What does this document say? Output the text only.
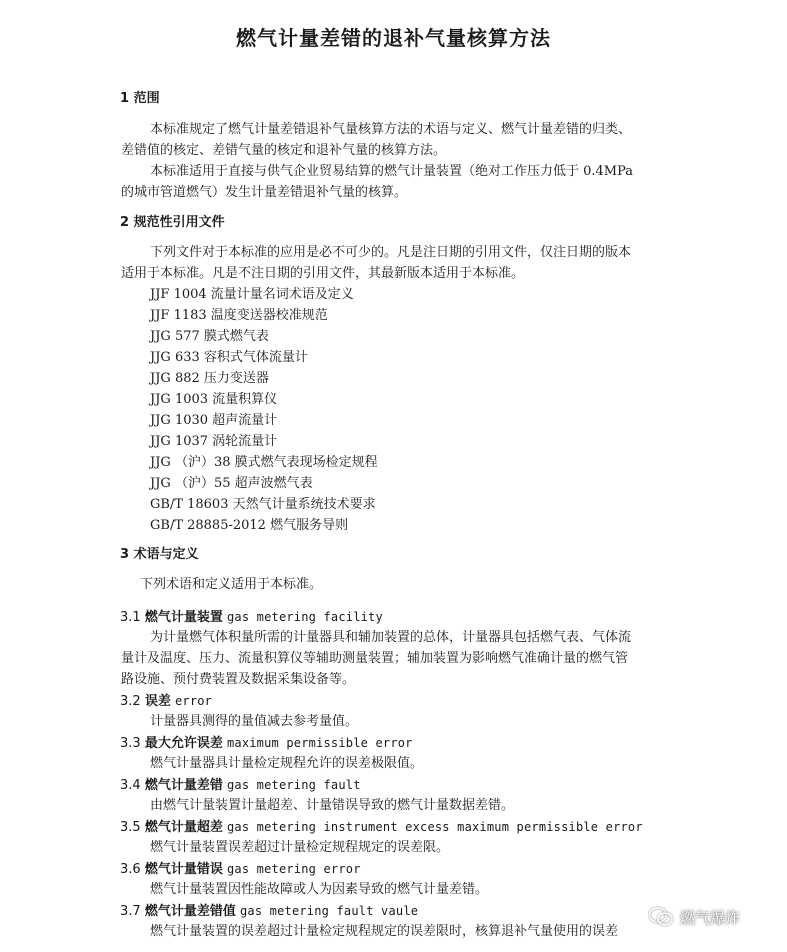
燃气计量差错的退补气量核算方法
1 范围
本标准规定了燃气计量差错退补气量核算方法的术语与定义、燃气计量差错的归类、
差错值的核定、差错气量的核定和退补气量的核算方法。
本标准适用于直接与供气企业贸易结算的燃气计量装置（绝对工作压力低于 0.4MPa
的城市管道燃气）发生计量差错退补气量的核算。
2 规范性引用文件
下列文件对于本标准的应用是必不可少的。凡是注日期的引用文件，仅注日期的版本
适用于本标准。凡是不注日期的引用文件，其最新版本适用于本标准。
JJF 1004 流量计量名词术语及定义
JJF 1183 温度变送器校准规范
JJG 577 膜式燃气表
JJG 633 容积式气体流量计
JJG 882 压力变送器
JJG 1003 流量积算仪
JJG 1030 超声流量计
JJG 1037 涡轮流量计
JJG （沪）38 膜式燃气表现场检定规程
JJG （沪）55 超声波燃气表
GB/T 18603 天然气计量系统技术要求
GB/T 28885-2012 燃气服务导则
3 术语与定义
下列术语和定义适用于本标准。
3.1 燃气计量装置 gas metering facility
为计量燃气体积量所需的计量器具和辅加装置的总体，计量器具包括燃气表、气体流
量计及温度、压力、流量积算仪等辅助测量装置；辅加装置为影响燃气准确计量的燃气管
路设施、预付费装置及数据采集设备等。
3.2 误差 error
计量器具测得的量值减去参考量值。
3.3 最大允许误差 maximum permissible error
燃气计量器具计量检定规程允许的误差极限值。
3.4 燃气计量差错 gas metering fault
由燃气计量装置计量超差、计量错误导致的燃气计量数据差错。
3.5 燃气计量超差 gas metering instrument excess maximum permissible error
燃气计量装置误差超过计量检定规程规定的误差限。
3.6 燃气计量错误 gas metering error
燃气计量装置因性能故障或人为因素导致的燃气计量差错。
3.7 燃气计量差错值 gas metering fault vaule
燃气计量装置的误差超过计量检定规程规定的误差限时，核算退补气量使用的误差
燃气爆炸
